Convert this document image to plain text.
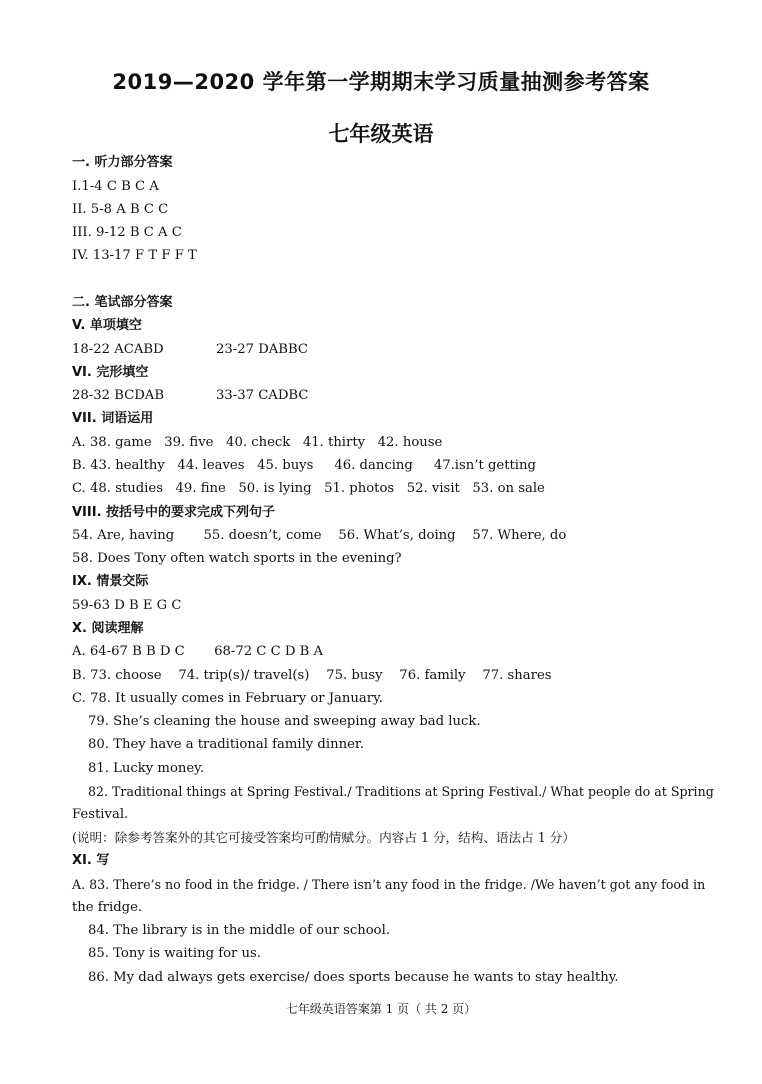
2019—2020 学年第一学期期末学习质量抽测参考答案
七年级英语
一. 听力部分答案
I.1-4 C B C A
II. 5-8 A B C C
III. 9-12 B C A C
IV. 13-17 F T F F T
二. 笔试部分答案
V. 单项填空
18-22 ACABD	23-27 DABBC
VI. 完形填空
28-32 BCDAB	33-37 CADBC
VII. 词语运用
A. 38. game   39. five   40. check   41. thirty   42. house
B. 43. healthy   44. leaves   45. buys     46. dancing     47.isn’t getting
C. 48. studies   49. fine   50. is lying   51. photos   52. visit   53. on sale
VIII. 按括号中的要求完成下列句子
54. Are, having       55. doesn’t, come    56. What’s, doing    57. Where, do
58. Does Tony often watch sports in the evening?
IX. 情景交际
59-63 D B E G C
X. 阅读理解
A. 64-67 B B D C       68-72 C C D B A
B. 73. choose    74. trip(s)/ travel(s)    75. busy    76. family    77. shares
C. 78. It usually comes in February or January.
79. She’s cleaning the house and sweeping away bad luck.
80. They have a traditional family dinner.
81. Lucky money.
82. Traditional things at Spring Festival./ Traditions at Spring Festival./ What people do at Spring
Festival.
(说明：除参考答案外的其它可接受答案均可酌情赋分。内容占 1 分，结构、语法占 1 分）
XI. 写
A. 83. There’s no food in the fridge. / There isn’t any food in the fridge. /We haven’t got any food in
the fridge.
84. The library is in the middle of our school.
85. Tony is waiting for us.
86. My dad always gets exercise/ does sports because he wants to stay healthy.
七年级英语答案第 1 页（ 共 2 页）
